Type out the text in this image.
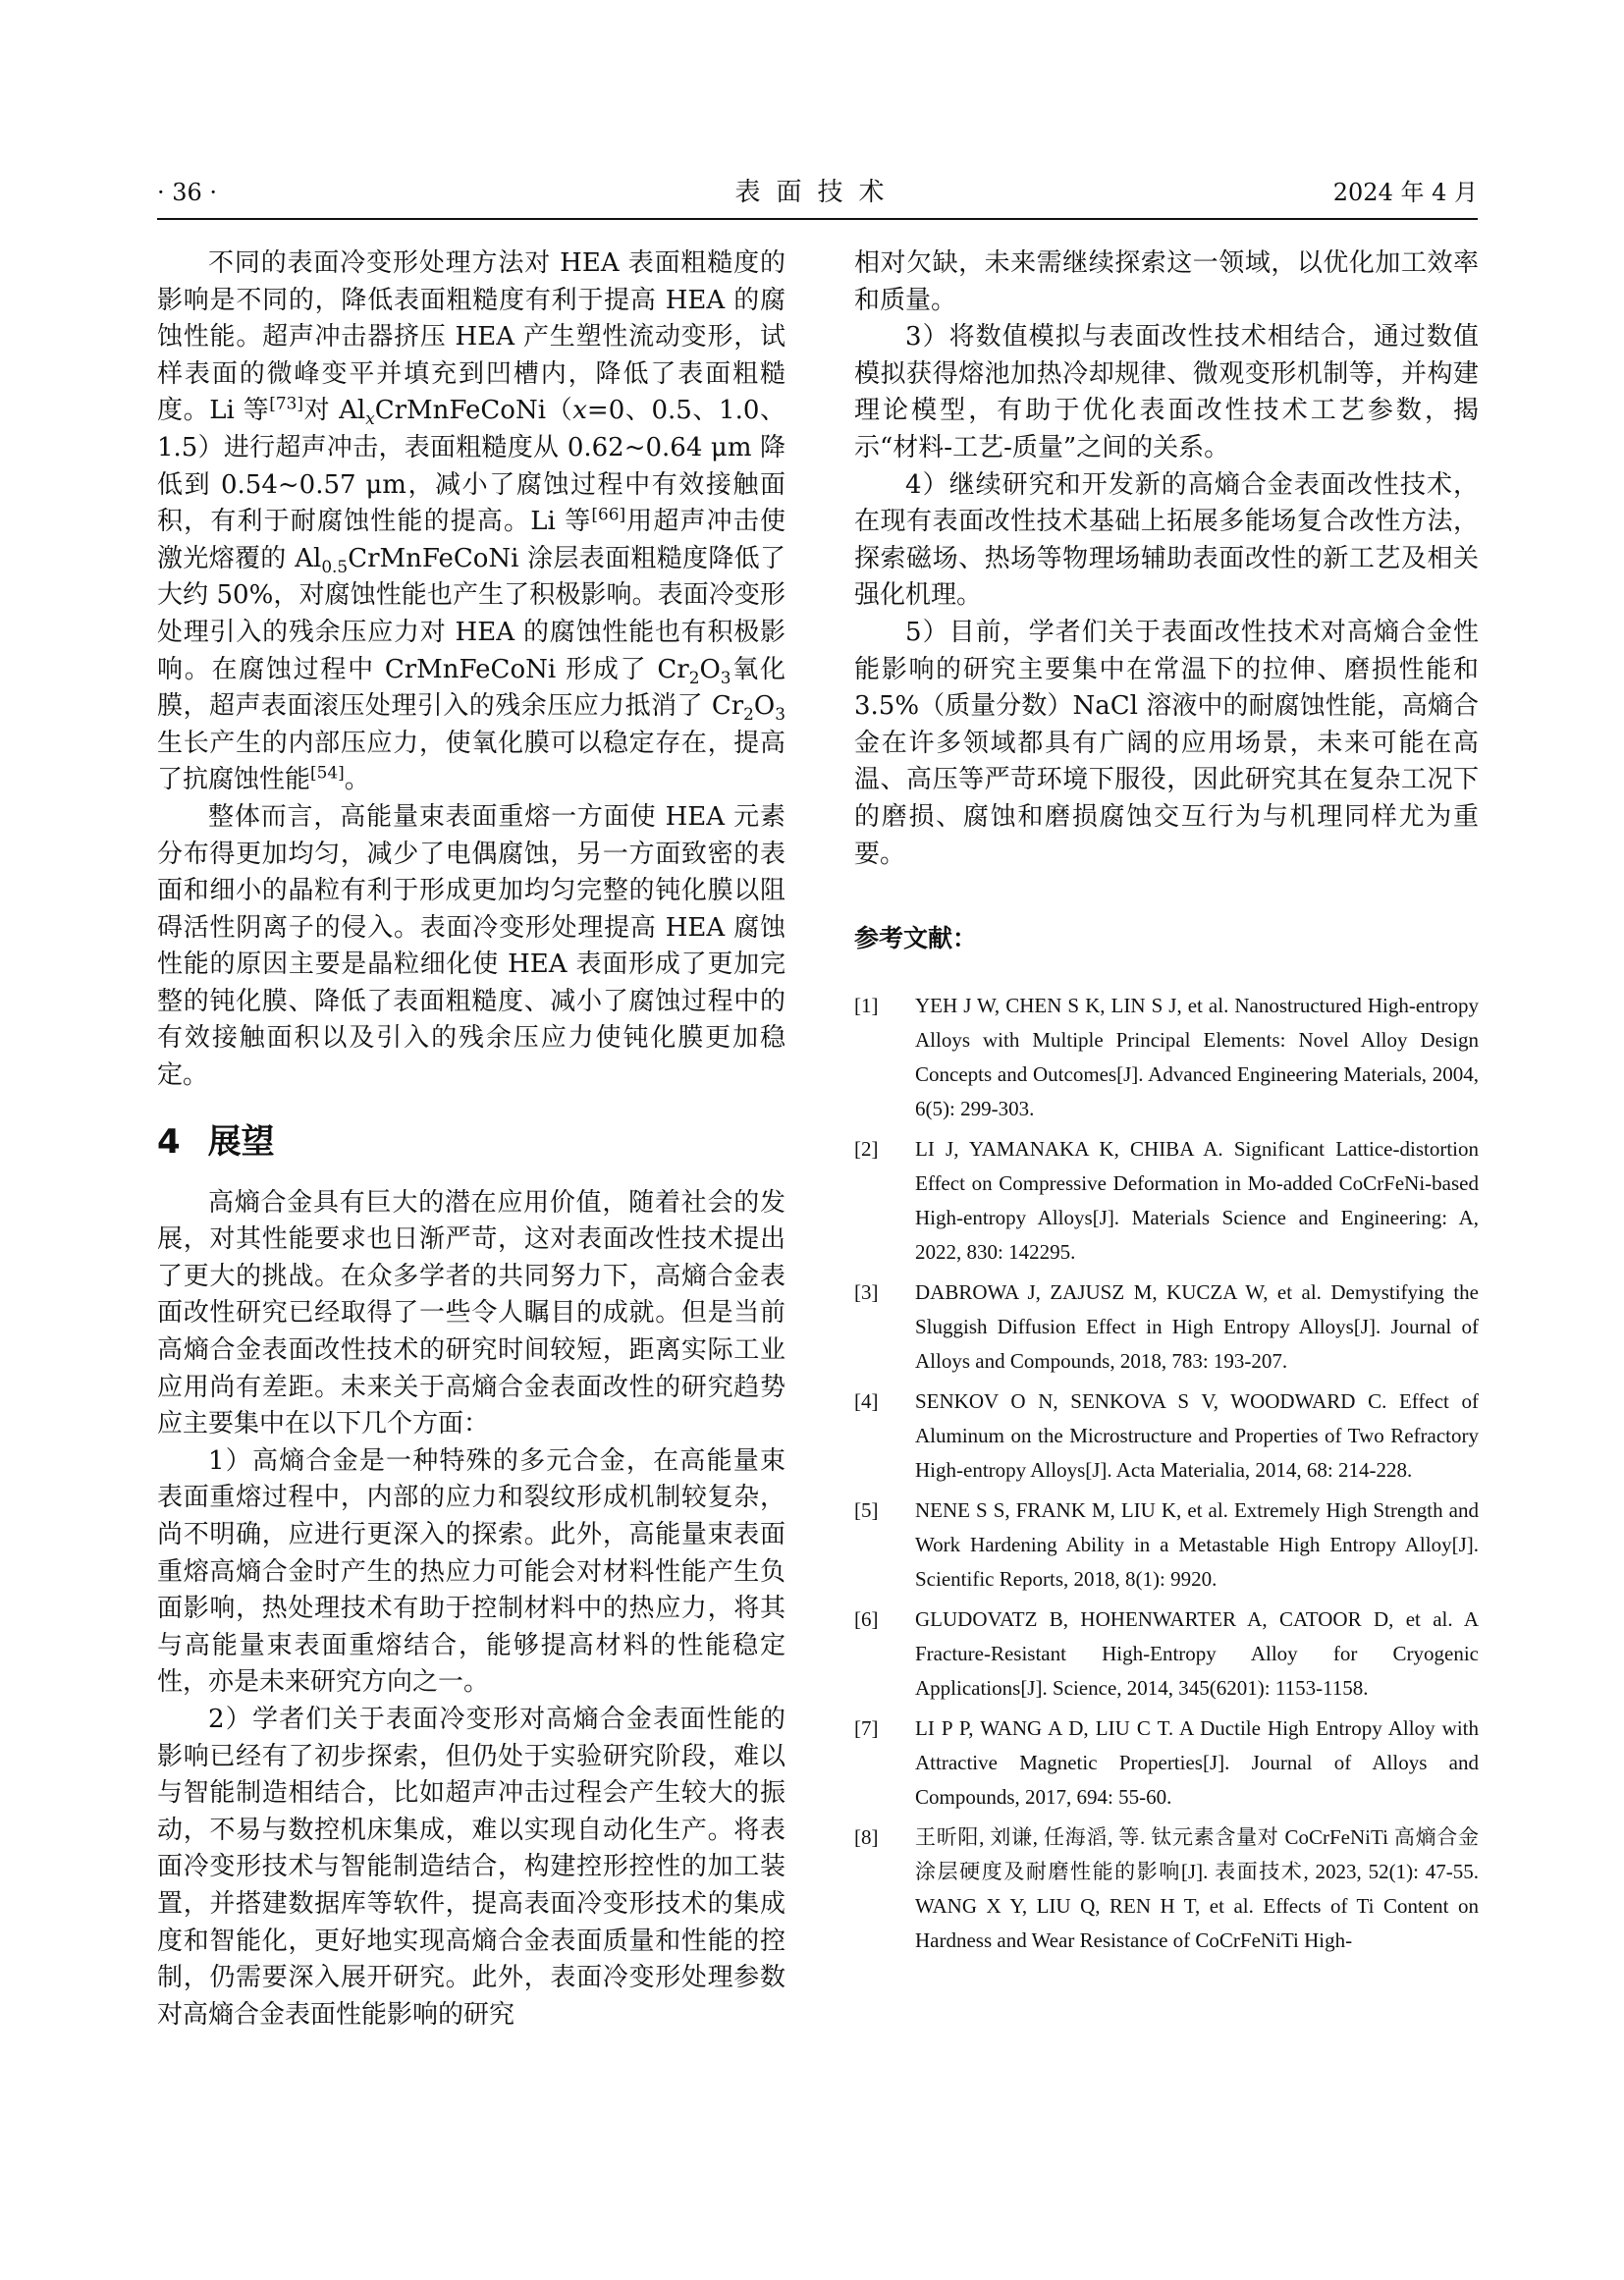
· 36 ·	表面技术	2024 年 4 月

不同的表面冷变形处理方法对 HEA 表面粗糙度的影响是不同的，降低表面粗糙度有利于提高 HEA 的腐蚀性能。超声冲击器挤压 HEA 产生塑性流动变形，试样表面的微峰变平并填充到凹槽内，降低了表面粗糙度。Li 等[73]对 $Al_xCrMnFeCoNi(x=0$、0.5、1.0、1.5）进行超声冲击，表面粗糙度从 0.62~0.64 μm 降低到 0.54~0.57 μm，减小了腐蚀过程中有效接触面积，有利于耐腐蚀性能的提高。Li 等[66]用超声冲击使激光熔覆的 $Al_{0.5}CrMnFeCoNi$ 涂层表面粗糙度降低了大约 50%，对腐蚀性能也产生了积极影响。表面冷变形处理引入的残余压应力对 HEA 的腐蚀性能也有积极影响。在腐蚀过程中 CrMnFeCoNi 形成了 $Cr_2O_3$氧化膜，超声表面滚压处理引入的残余压应力抵消了 $Cr_2O_3$生长产生的内部压应力，使氧化膜可以稳定存在，提高了抗腐蚀性能[54]。

整体而言，高能量束表面重熔一方面使 HEA 元素分布得更加均匀，减少了电偶腐蚀，另一方面致密的表面和细小的晶粒有利于形成更加均匀完整的钝化膜以阻碍活性阴离子的侵入。表面冷变形处理提高 HEA 腐蚀性能的原因主要是晶粒细化使 HEA 表面形成了更加完整的钝化膜、降低了表面粗糙度、减小了腐蚀过程中的有效接触面积以及引入的残余压应力使钝化膜更加稳定。

4 展望

高熵合金具有巨大的潜在应用价值，随着社会的发展，对其性能要求也日渐严苛，这对表面改性技术提出了更大的挑战。在众多学者的共同努力下，高熵合金表面改性研究已经取得了一些令人瞩目的成就。但是当前高熵合金表面改性技术的研究时间较短，距离实际工业应用尚有差距。未来关于高熵合金表面改性的研究趋势应主要集中在以下几个方面：

1）高熵合金是一种特殊的多元合金，在高能量束表面重熔过程中，内部的应力和裂纹形成机制较复杂，尚不明确，应进行更深入的探索。此外，高能量束表面重熔高熵合金时产生的热应力可能会对材料性能产生负面影响，热处理技术有助于控制材料中的热应力，将其与高能量束表面重熔结合，能够提高材料的性能稳定性，亦是未来研究方向之一。

2）学者们关于表面冷变形对高熵合金表面性能的影响已经有了初步探索，但仍处于实验研究阶段，难以与智能制造相结合，比如超声冲击过程会产生较大的振动，不易与数控机床集成，难以实现自动化生产。将表面冷变形技术与智能制造结合，构建控形控性的加工装置，并搭建数据库等软件，提高表面冷变形技术的集成度和智能化，更好地实现高熵合金表面质量和性能的控制，仍需要深入展开研究。此外，表面冷变形处理参数对高熵合金表面性能影响的研究

相对欠缺，未来需继续探索这一领域，以优化加工效率和质量。

3）将数值模拟与表面改性技术相结合，通过数值模拟获得熔池加热冷却规律、微观变形机制等，并构建理论模型，有助于优化表面改性技术工艺参数，揭示“材料-工艺-质量”之间的关系。

4）继续研究和开发新的高熵合金表面改性技术，在现有表面改性技术基础上拓展多能场复合改性方法，探索磁场、热场等物理场辅助表面改性的新工艺及相关强化机理。

5）目前，学者们关于表面改性技术对高熵合金性能影响的研究主要集中在常温下的拉伸、磨损性能和 3.5%（质量分数）NaCl 溶液中的耐腐蚀性能，高熵合金在许多领域都具有广阔的应用场景，未来可能在高温、高压等严苛环境下服役，因此研究其在复杂工况下的磨损、腐蚀和磨损腐蚀交互行为与机理同样尤为重要。

参考文献：
[1] YEH J W, CHEN S K, LIN S J, et al. Nanostructured High-entropy Alloys with Multiple Principal Elements: Novel Alloy Design Concepts and Outcomes[J]. Advanced Engineering Materials, 2004, 6(5): 299-303.
[2] LI J, YAMANAKA K, CHIBA A. Significant Lattice-distortion Effect on Compressive Deformation in Mo-added CoCrFeNi-based High-entropy Alloys[J]. Materials Science and Engineering: A, 2022, 830: 142295.
[3] DABROWA J, ZAJUSZ M, KUCZA W, et al. Demystifying the Sluggish Diffusion Effect in High Entropy Alloys[J]. Journal of Alloys and Compounds, 2018, 783: 193-207.
[4] SENKOV O N, SENKOVA S V, WOODWARD C. Effect of Aluminum on the Microstructure and Properties of Two Refractory High-entropy Alloys[J]. Acta Materialia, 2014, 68: 214-228.
[5] NENE S S, FRANK M, LIU K, et al. Extremely High Strength and Work Hardening Ability in a Metastable High Entropy Alloy[J]. Scientific Reports, 2018, 8(1): 9920.
[6] GLUDOVATZ B, HOHENWARTER A, CATOOR D, et al. A Fracture-Resistant High-Entropy Alloy for Cryogenic Applications[J]. Science, 2014, 345(6201): 1153-1158.
[7] LI P P, WANG A D, LIU C T. A Ductile High Entropy Alloy with Attractive Magnetic Properties[J]. Journal of Alloys and Compounds, 2017, 694: 55-60.
[8] 王昕阳, 刘谦, 任海滔, 等. 钛元素含量对 CoCrFeNiTi 高熵合金涂层硬度及耐磨性能的影响[J]. 表面技术, 2023, 52(1): 47-55. WANG X Y, LIU Q, REN H T, et al. Effects of Ti Content on Hardness and Wear Resistance of CoCrFeNiTi High-
